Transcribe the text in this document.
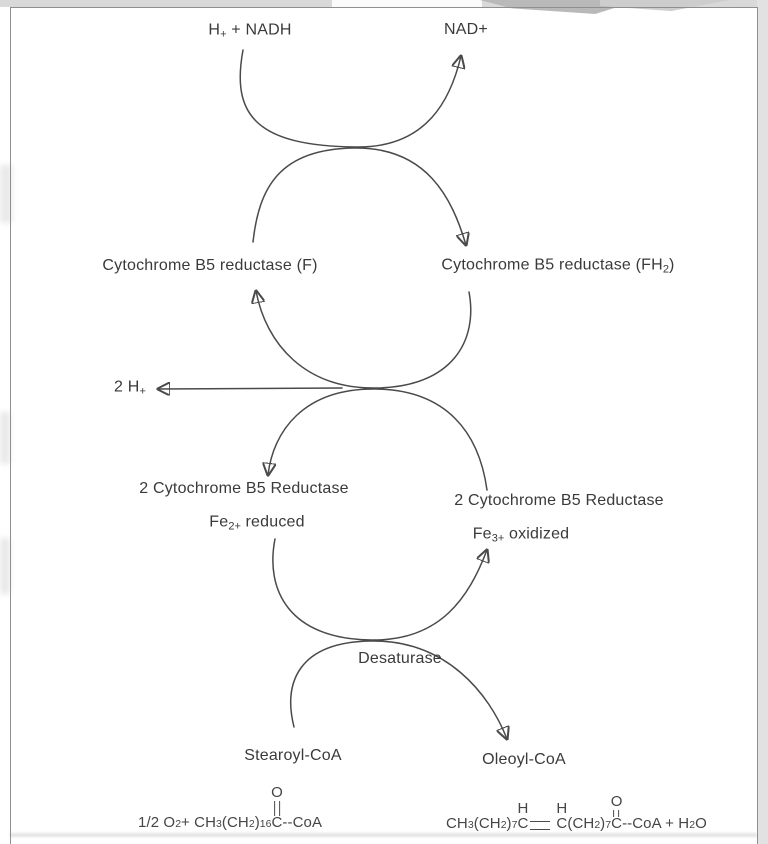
$H_+$ + NADH	NAD+
Cytochrome B5 reductase (F)	Cytochrome B5 reductase $(FH_2)$
2 $H_+$
2 Cytochrome B5 Reductase
$Fe_{2+}$ reduced
2 Cytochrome B5 Reductase
$Fe_{3+}$ oxidized
Desaturase
Stearoyl-CoA	Oleoyl-CoA
1/2 O 2 + CH 3 (CH 2 ) 16
O
C --CoA	CH 3 (CH 2 ) 7
H
C
H
C (CH 2 ) 7
O
C --CoA + H 2 O
